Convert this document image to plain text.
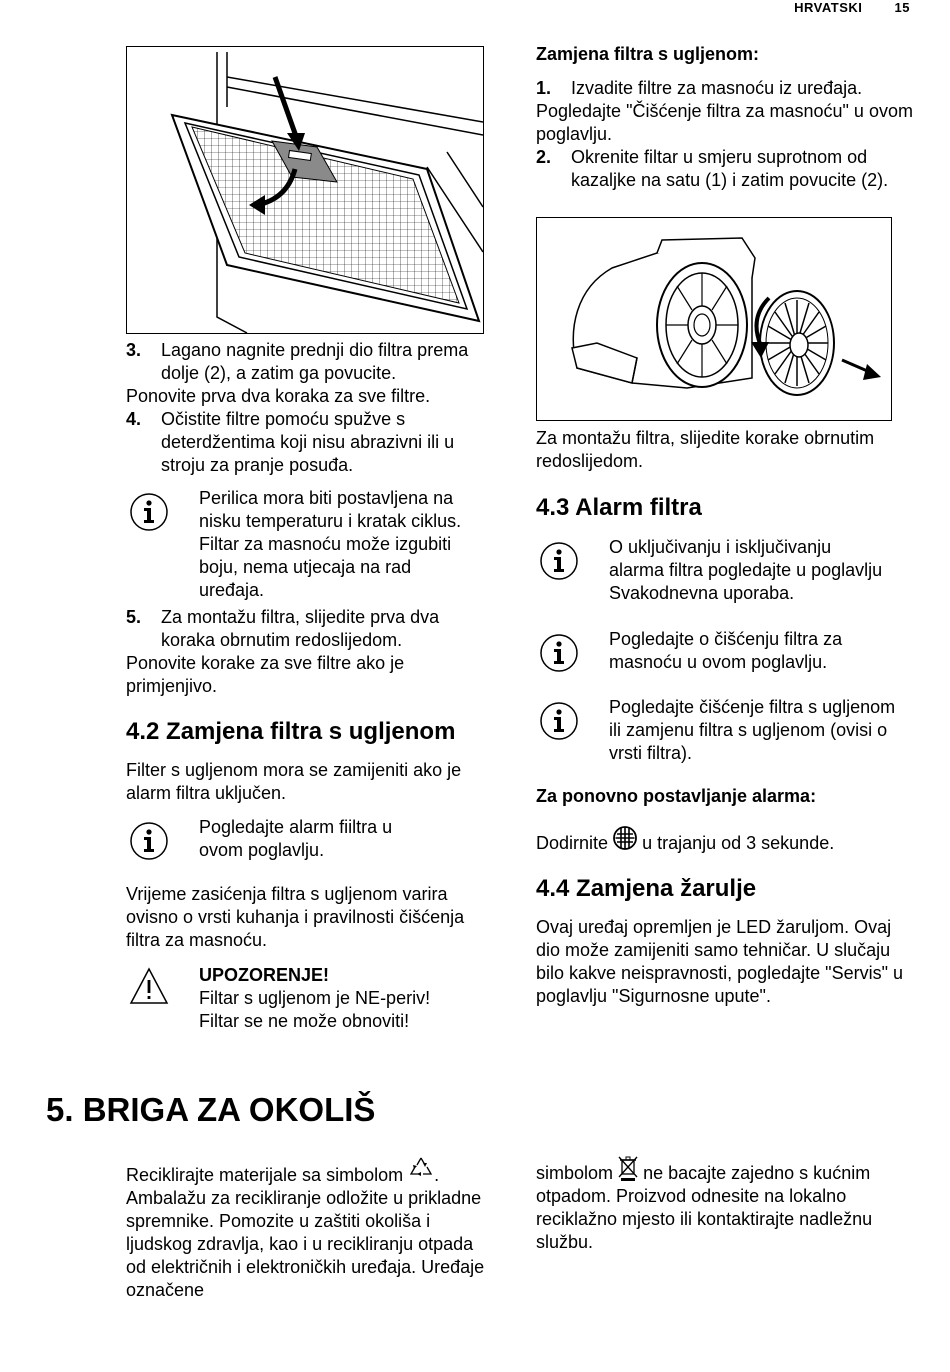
HRVATSKI 15
3. Lagano nagnite prednji dio filtra prema dolje (2), a zatim ga povucite.

Ponovite prva dva koraka za sve filtre.

4. Očistite filtre pomoću spužve s deterdžentima koji nisu abrazivni ili u stroju za pranje posuđa.

Perilica mora biti postavljena na nisku temperaturu i kratak ciklus. Filtar za masnoću može izgubiti boju, nema utjecaja na rad uređaja.

5. Za montažu filtra, slijedite prva dva koraka obrnutim redoslijedom.

Ponovite korake za sve filtre ako je primjenjivo.

4.2 Zamjena filtra s ugljenom

Filter s ugljenom mora se zamijeniti ako je alarm filtra uključen.

Pogledajte alarm fiiltra u ovom poglavlju.

Vrijeme zasićenja filtra s ugljenom varira ovisno o vrsti kuhanja i pravilnosti čišćenja filtra za masnoću.

UPOZORENJE!

Filtar s ugljenom je NE-periv!

Filtar se ne može obnoviti!

Zamjena filtra s ugljenom:

1. Izvadite filtre za masnoću iz uređaja.

Pogledajte "Čišćenje filtra za masnoću" u ovom poglavlju.

2. Okrenite filtar u smjeru suprotnom od kazaljke na satu (1) i zatim povucite (2).

Za montažu filtra, slijedite korake obrnutim redoslijedom.

4.3 Alarm filtra

O uključivanju i isključivanju alarma filtra pogledajte u poglavlju Svakodnevna uporaba.

Pogledajte o čišćenju filtra za masnoću u ovom poglavlju.

Pogledajte čišćenje filtra s ugljenom ili zamjenu filtra s ugljenom (ovisi o vrsti filtra).

Za ponovno postavljanje alarma:

Dodirnite u trajanju od 3 sekunde.

4.4 Zamjena žarulje

Ovaj uređaj opremljen je LED žaruljom. Ovaj dio može zamijeniti samo tehničar. U slučaju bilo kakve neispravnosti, pogledajte "Servis" u poglavlju "Sigurnosne upute".

5. BRIGA ZA OKOLIŠ

Reciklirajte materijale sa simbolom . Ambalažu za recikliranje odložite u prikladne spremnike. Pomozite u zaštiti okoliša i ljudskog zdravlja, kao i u recikliranju otpada od električnih i elektroničkih uređaja. Uređaje označene

simbolom ne bacajte zajedno s kućnim otpadom. Proizvod odnesite na lokalno reciklažno mjesto ili kontaktirajte nadležnu službu.
